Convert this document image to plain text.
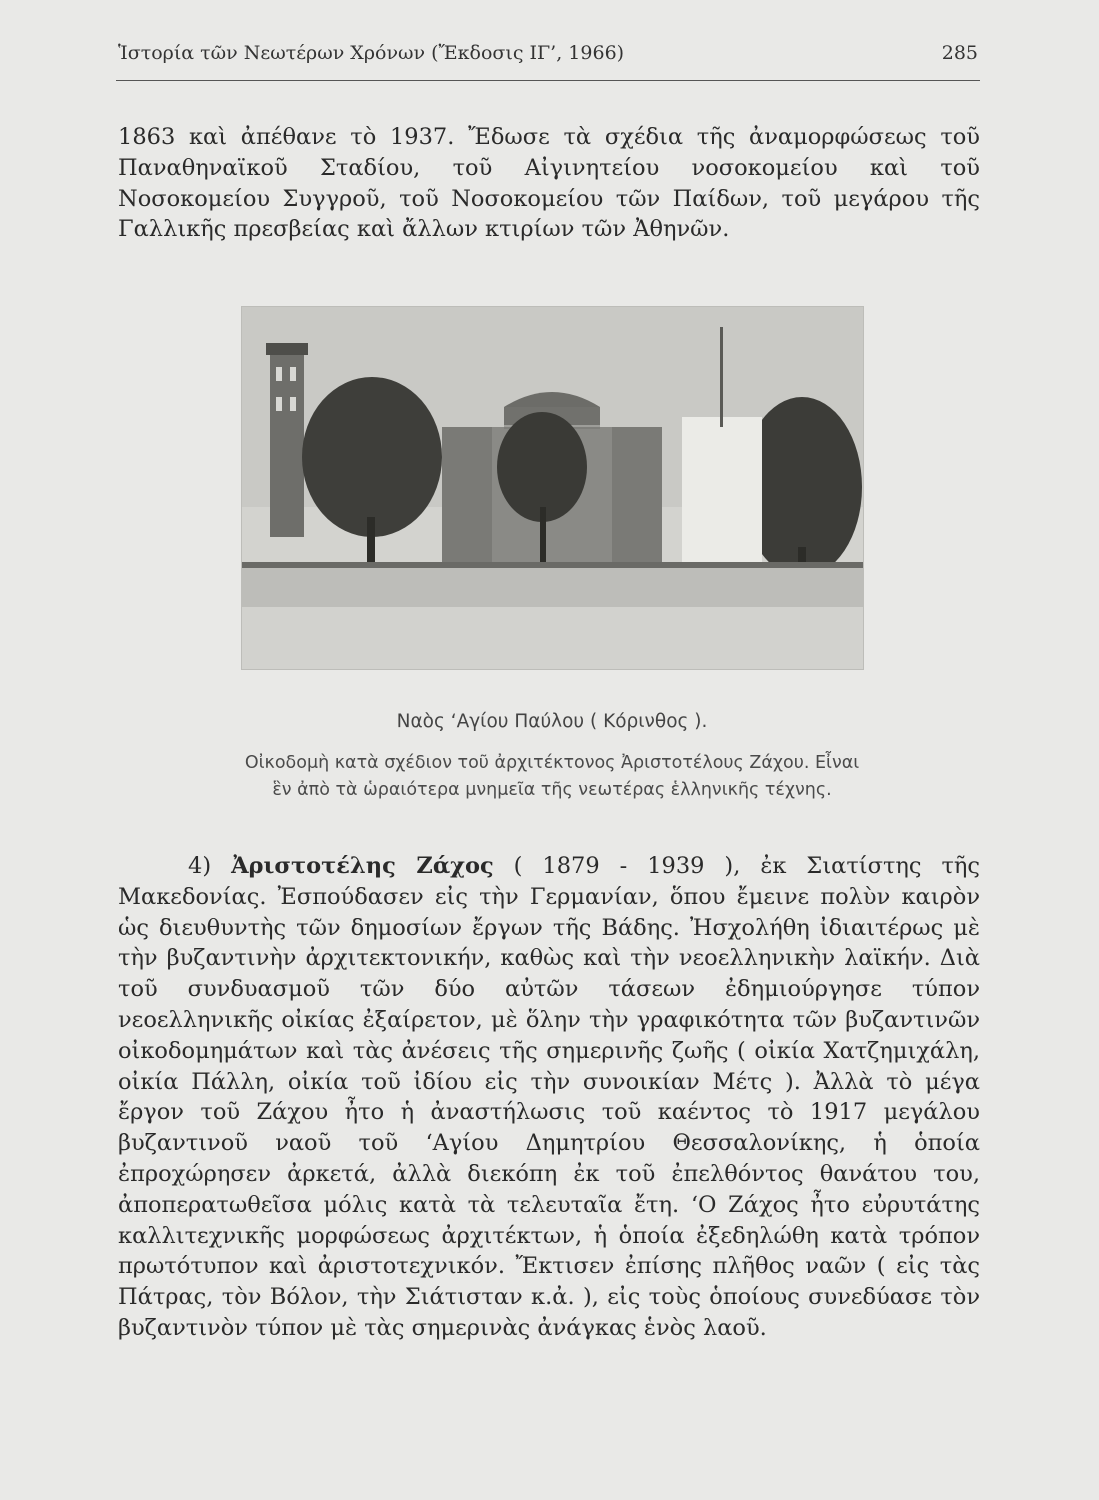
Ἱστορία τῶν Νεωτέρων Χρόνων (Ἔκδοσις ΙΓ’, 1966)	285

1863 καὶ ἀπέθανε τὸ 1937. Ἔδωσε τὰ σχέδια τῆς ἀναμορφώσεως τοῦ Παναθηναϊκοῦ Σταδίου, τοῦ Αἰγινητείου νοσοκομείου καὶ τοῦ Νοσοκομείου Συγγροῦ, τοῦ Νοσοκομείου τῶν Παίδων, τοῦ μεγάρου τῆς Γαλλικῆς πρεσβείας καὶ ἄλλων κτιρίων τῶν Ἀθηνῶν.

Ναὸς ‘Αγίου Παύλου ( Κόρινθος ).

Οἰκοδομὴ κατὰ σχέδιον τοῦ ἀρχιτέκτονος Ἀριστοτέλους Ζάχου. Εἶναι ἓν ἀπὸ τὰ ὡραιότερα μνημεῖα τῆς νεωτέρας ἑλληνικῆς τέχνης.

4) Ἀριστοτέλης Ζάχος ( 1879 - 1939 ), ἐκ Σιατίστης τῆς Μακεδονίας. Ἐσπούδασεν εἰς τὴν Γερμανίαν, ὅπου ἔμεινε πολὺν καιρὸν ὡς διευθυντὴς τῶν δημοσίων ἔργων τῆς Βάδης. Ἠσχολήθη ἰδιαιτέρως μὲ τὴν βυζαντινὴν ἀρχιτεκτονικήν, καθὼς καὶ τὴν νεοελληνικὴν λαϊκήν. Διὰ τοῦ συνδυασμοῦ τῶν δύο αὐτῶν τάσεων ἐδημιούργησε τύπον νεοελληνικῆς οἰκίας ἐξαίρετον, μὲ ὅλην τὴν γραφικότητα τῶν βυζαντινῶν οἰκοδομημάτων καὶ τὰς ἀνέσεις τῆς σημερινῆς ζωῆς ( οἰκία Χατζημιχάλη, οἰκία Πάλλη, οἰκία τοῦ ἰδίου εἰς τὴν συνοικίαν Μέτς ). Ἀλλὰ τὸ μέγα ἔργον τοῦ Ζάχου ἦτο ἡ ἀναστήλωσις τοῦ καέντος τὸ 1917 μεγάλου βυζαντινοῦ ναοῦ τοῦ ‘Αγίου Δημητρίου Θεσσαλονίκης, ἡ ὁποία ἐπροχώρησεν ἀρκετά, ἀλλὰ διεκόπη ἐκ τοῦ ἐπελθόντος θανάτου του, ἀποπερατωθεῖσα μόλις κατὰ τὰ τελευταῖα ἔτη. ‘Ο Ζάχος ἦτο εὐρυτάτης καλλιτεχνικῆς μορφώσεως ἀρχιτέκτων, ἡ ὁποία ἐξεδηλώθη κατὰ τρόπον πρωτότυπον καὶ ἀριστοτεχνικόν. Ἔκτισεν ἐπίσης πλῆθος ναῶν ( εἰς τὰς Πάτρας, τὸν Βόλον, τὴν Σιάτισταν κ.ἀ. ), εἰς τοὺς ὁποίους συνεδύασε τὸν βυζαντινὸν τύπον μὲ τὰς σημερινὰς ἀνάγκας ἑνὸς λαοῦ.
